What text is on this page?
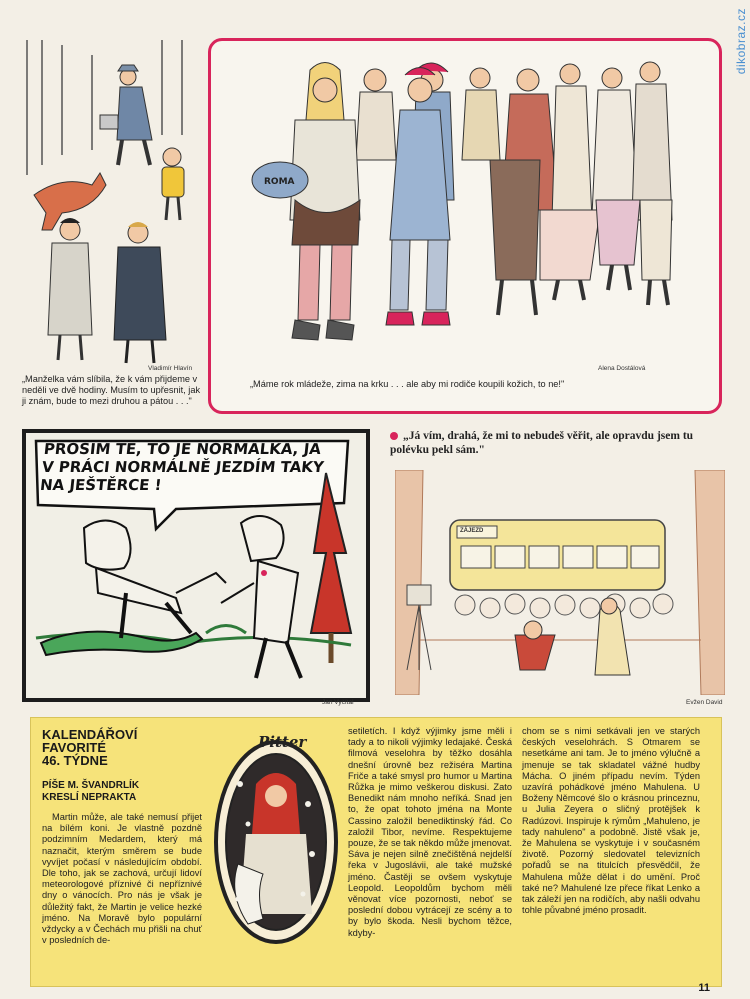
dikobraz.cz
Vladimír Hlavín
„Manželka vám slíbila, že k vám přijdeme v neděli ve dvě hodiny. Musím to upřesnit, jak ji znám, bude to mezi druhou a pátou . . ."
ROMA
Alena Dostálová
„Máme rok mládeže, zima na krku . . . ale aby mi rodiče koupili kožich, to ne!"
PROSÍM TĚ, TO JE NORMÁLKA, JÁ
V PRÁCI NORMÁLNĚ JEZDÍM TAKY
NA JEŠTĚRCE !
Jan Vyčítal
„Já vím, drahá, že mi to nebudeš věřit, ale opravdu jsem tu polévku pekl sám."
ZÁJEZD
Evžen David
KALENDÁŘOVÍ
FAVORITÉ
46. TÝDNE
PÍŠE M. ŠVANDRLÍK
KRESLÍ NEPRAKTA
Pitter

Martin může, ale také nemusí přijet na bílém koni. Je vlastně pozdně podzimním Medardem, který má naznačit, kterým směrem se bude vyvíjet počasí v následujícím období. Dle toho, jak se zachová, určují lidoví meteorologové příznivé či nepříznivé dny o vánocích. Pro nás je však je důležitý fakt, že Martin je velice hezké jméno. Na Moravě bylo populární vždycky a v Čechách mu přišli na chuť v posledních de-

setiletích. I když výjimky jsme měli i tady a to nikoli výjimky ledajaké. Česká filmová veselohra by těžko dosáhla dnešní úrovně bez režiséra Martina Friče a také smysl pro humor u Martina Růžka je mimo veškerou diskusi. Zato Benedikt nám mnoho neříká. Snad jen to, že opat tohoto jména na Monte Cassino založil benediktinský řád. Co založil Tibor, nevíme. Respektujeme pouze, že se tak někdo může jmenovat. Sáva je nejen silně znečištěná nejdelší řeka v Jugoslávii, ale také mužské jméno. Častěji se ovšem vyskytuje Leopold. Leopoldům bychom měli věnovat více pozornosti, neboť se poslední dobou vytrácejí ze scény a to by bylo škoda. Nesli bychom těžce, kdyby-

chom se s nimi setkávali jen ve starých českých veselohrách. S Otmarem se nesetkáme ani tam. Je to jméno výlučně a jmenuje se tak skladatel vážné hudby Mácha. O jiném případu nevím. Týden uzavírá pohádkové jméno Mahulena. U Boženy Němcové šlo o krásnou princeznu, u Julia Zeyera o sličný protějšek k Radúzovi. Inspiruje k rýmům „Mahuleno, je tady nahuleno" a podobně. Jistě však je, že Mahulena se vyskytuje i v současném životě. Pozorný sledovatel televizních pořadů se na titulcích přesvědčil, že Mahulena může dělat i do umění. Proč také ne? Mahulené lze přece říkat Lenko a tak záleží jen na rodičích, aby našli odvahu tohle půvabné jméno prosadit.

11
